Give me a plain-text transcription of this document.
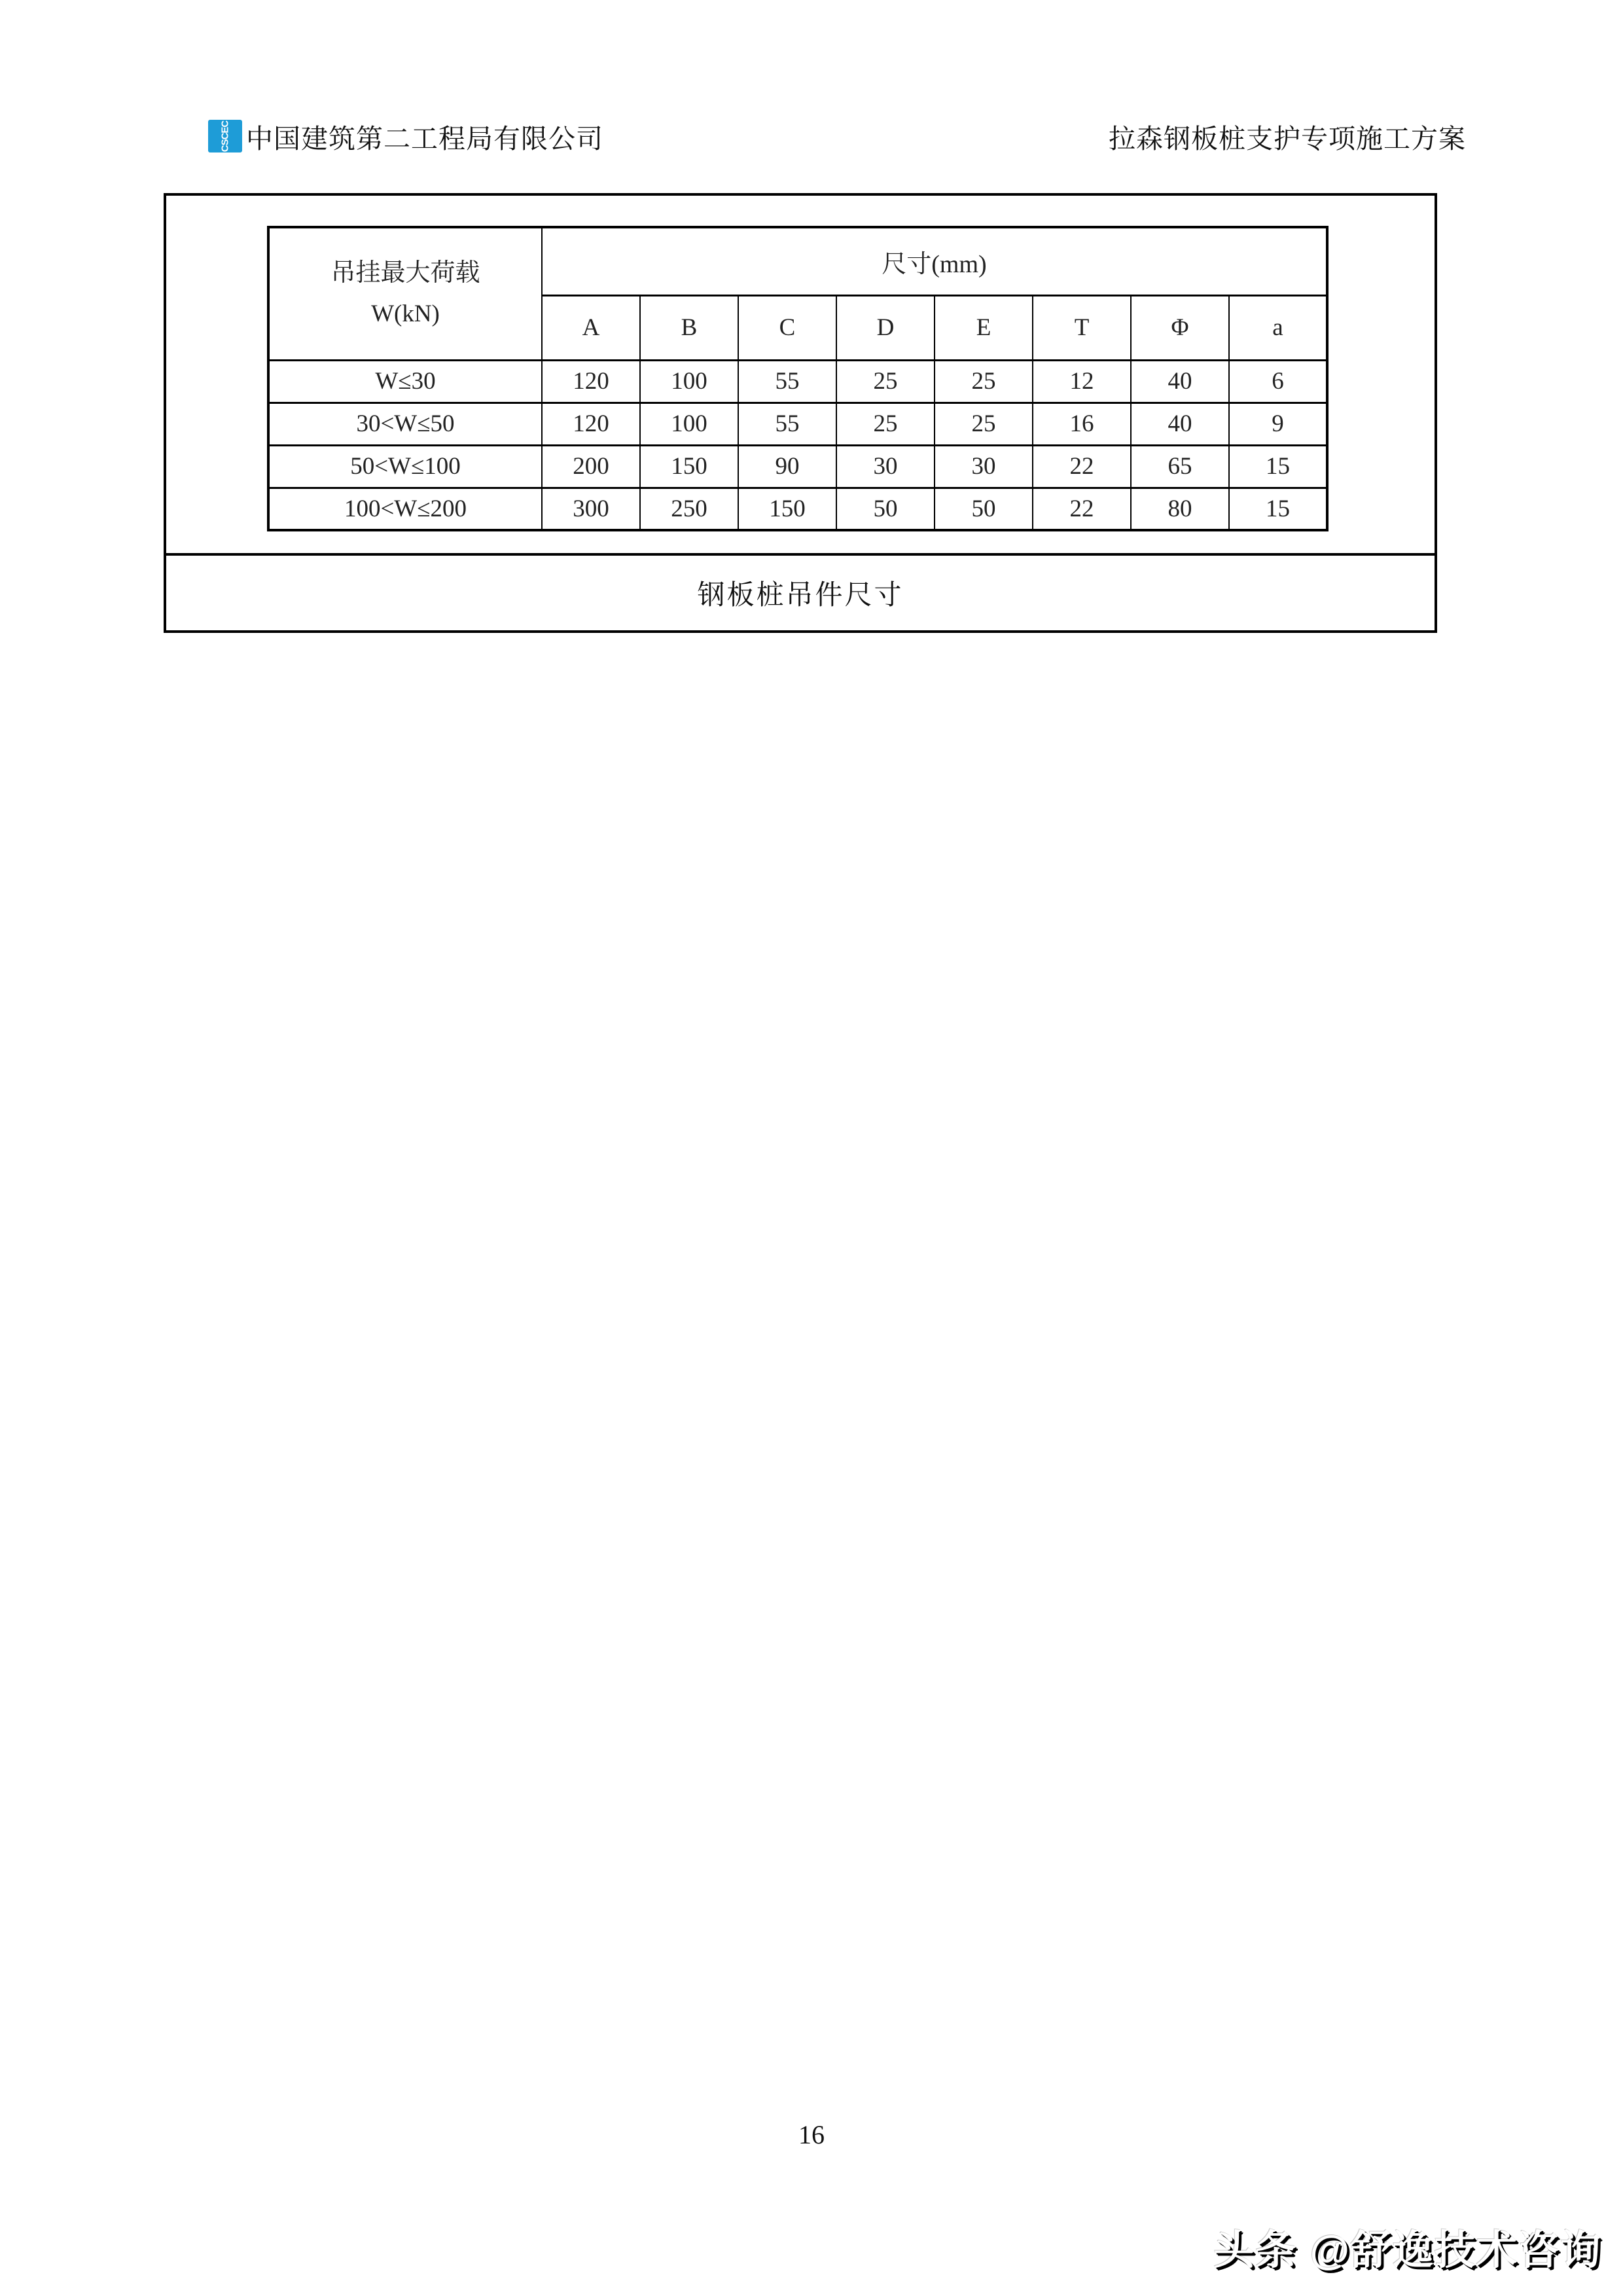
CSCEC 中国建筑第二工程局有限公司	拉森钢板桩支护专项施工方案
吊挂最大荷载
W(kN)	尺寸(mm)							
	A	B	C	D	E	T	Φ	a
W≤30	120	100	55	25	25	12	40	6
30<W≤50	120	100	55	25	25	16	40	9
50<W≤100	200	150	90	30	30	22	65	15
100<W≤200	300	250	150	50	50	22	80	15
钢板桩吊件尺寸
16
头条 @舒逸技术咨询
